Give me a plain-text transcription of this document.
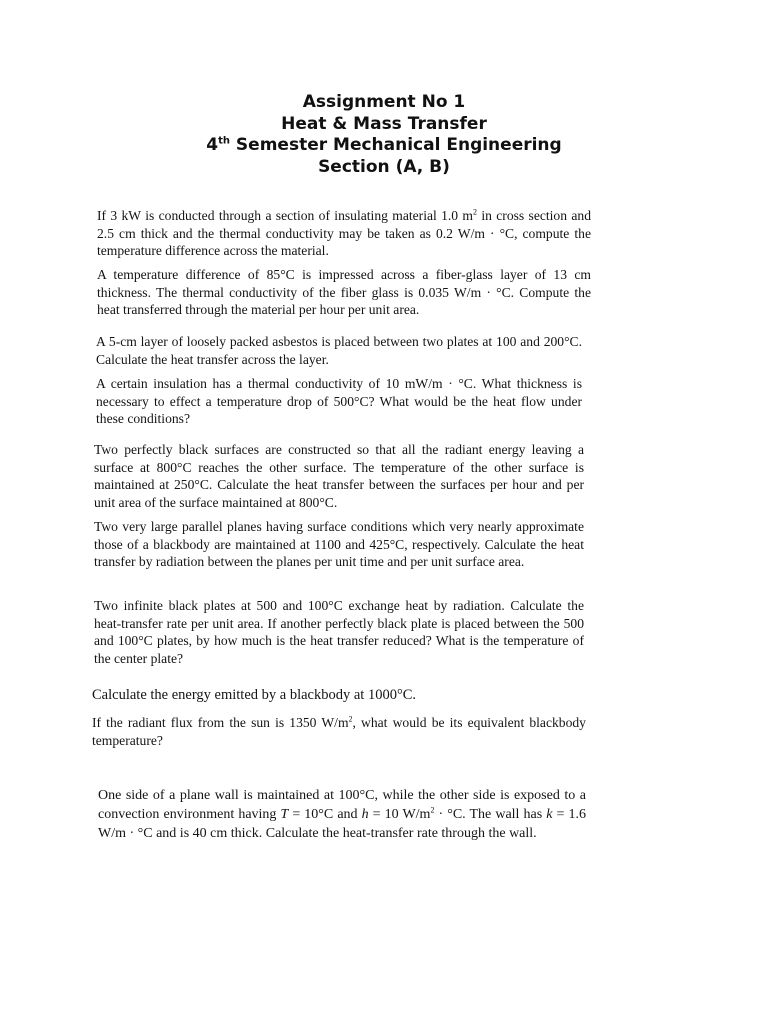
Assignment No 1
Heat & Mass Transfer
4th Semester Mechanical Engineering
Section (A, B)

If 3 kW is conducted through a section of insulating material 1.0 $m^2$ in cross section and 2.5 cm thick and the thermal conductivity may be taken as 0.2 W/m · °C, compute the temperature difference across the material.

A temperature difference of 85°C is impressed across a fiber-glass layer of 13 cm thickness. The thermal conductivity of the fiber glass is 0.035 W/m · °C. Compute the heat transferred through the material per hour per unit area.

A 5-cm layer of loosely packed asbestos is placed between two plates at 100 and 200°C. Calculate the heat transfer across the layer.

A certain insulation has a thermal conductivity of 10 mW/m · °C. What thickness is necessary to effect a temperature drop of 500°C? What would be the heat flow under these conditions?

Two perfectly black surfaces are constructed so that all the radiant energy leaving a surface at 800°C reaches the other surface. The temperature of the other surface is maintained at 250°C. Calculate the heat transfer between the surfaces per hour and per unit area of the surface maintained at 800°C.

Two very large parallel planes having surface conditions which very nearly approximate those of a blackbody are maintained at 1100 and 425°C, respectively. Calculate the heat transfer by radiation between the planes per unit time and per unit surface area.

Two infinite black plates at 500 and 100°C exchange heat by radiation. Calculate the heat-transfer rate per unit area. If another perfectly black plate is placed between the 500 and 100°C plates, by how much is the heat transfer reduced? What is the temperature of the center plate?

Calculate the energy emitted by a blackbody at 1000°C.

If the radiant flux from the sun is 1350 $W/m^2$, what would be its equivalent blackbody temperature?

One side of a plane wall is maintained at 100°C, while the other side is exposed to a convection environment having T = 10°C and h = 10 $W/m^2 \cdot ^\circ C$. The wall has k = 1.6 W/m · °C and is 40 cm thick. Calculate the heat-transfer rate through the wall.
